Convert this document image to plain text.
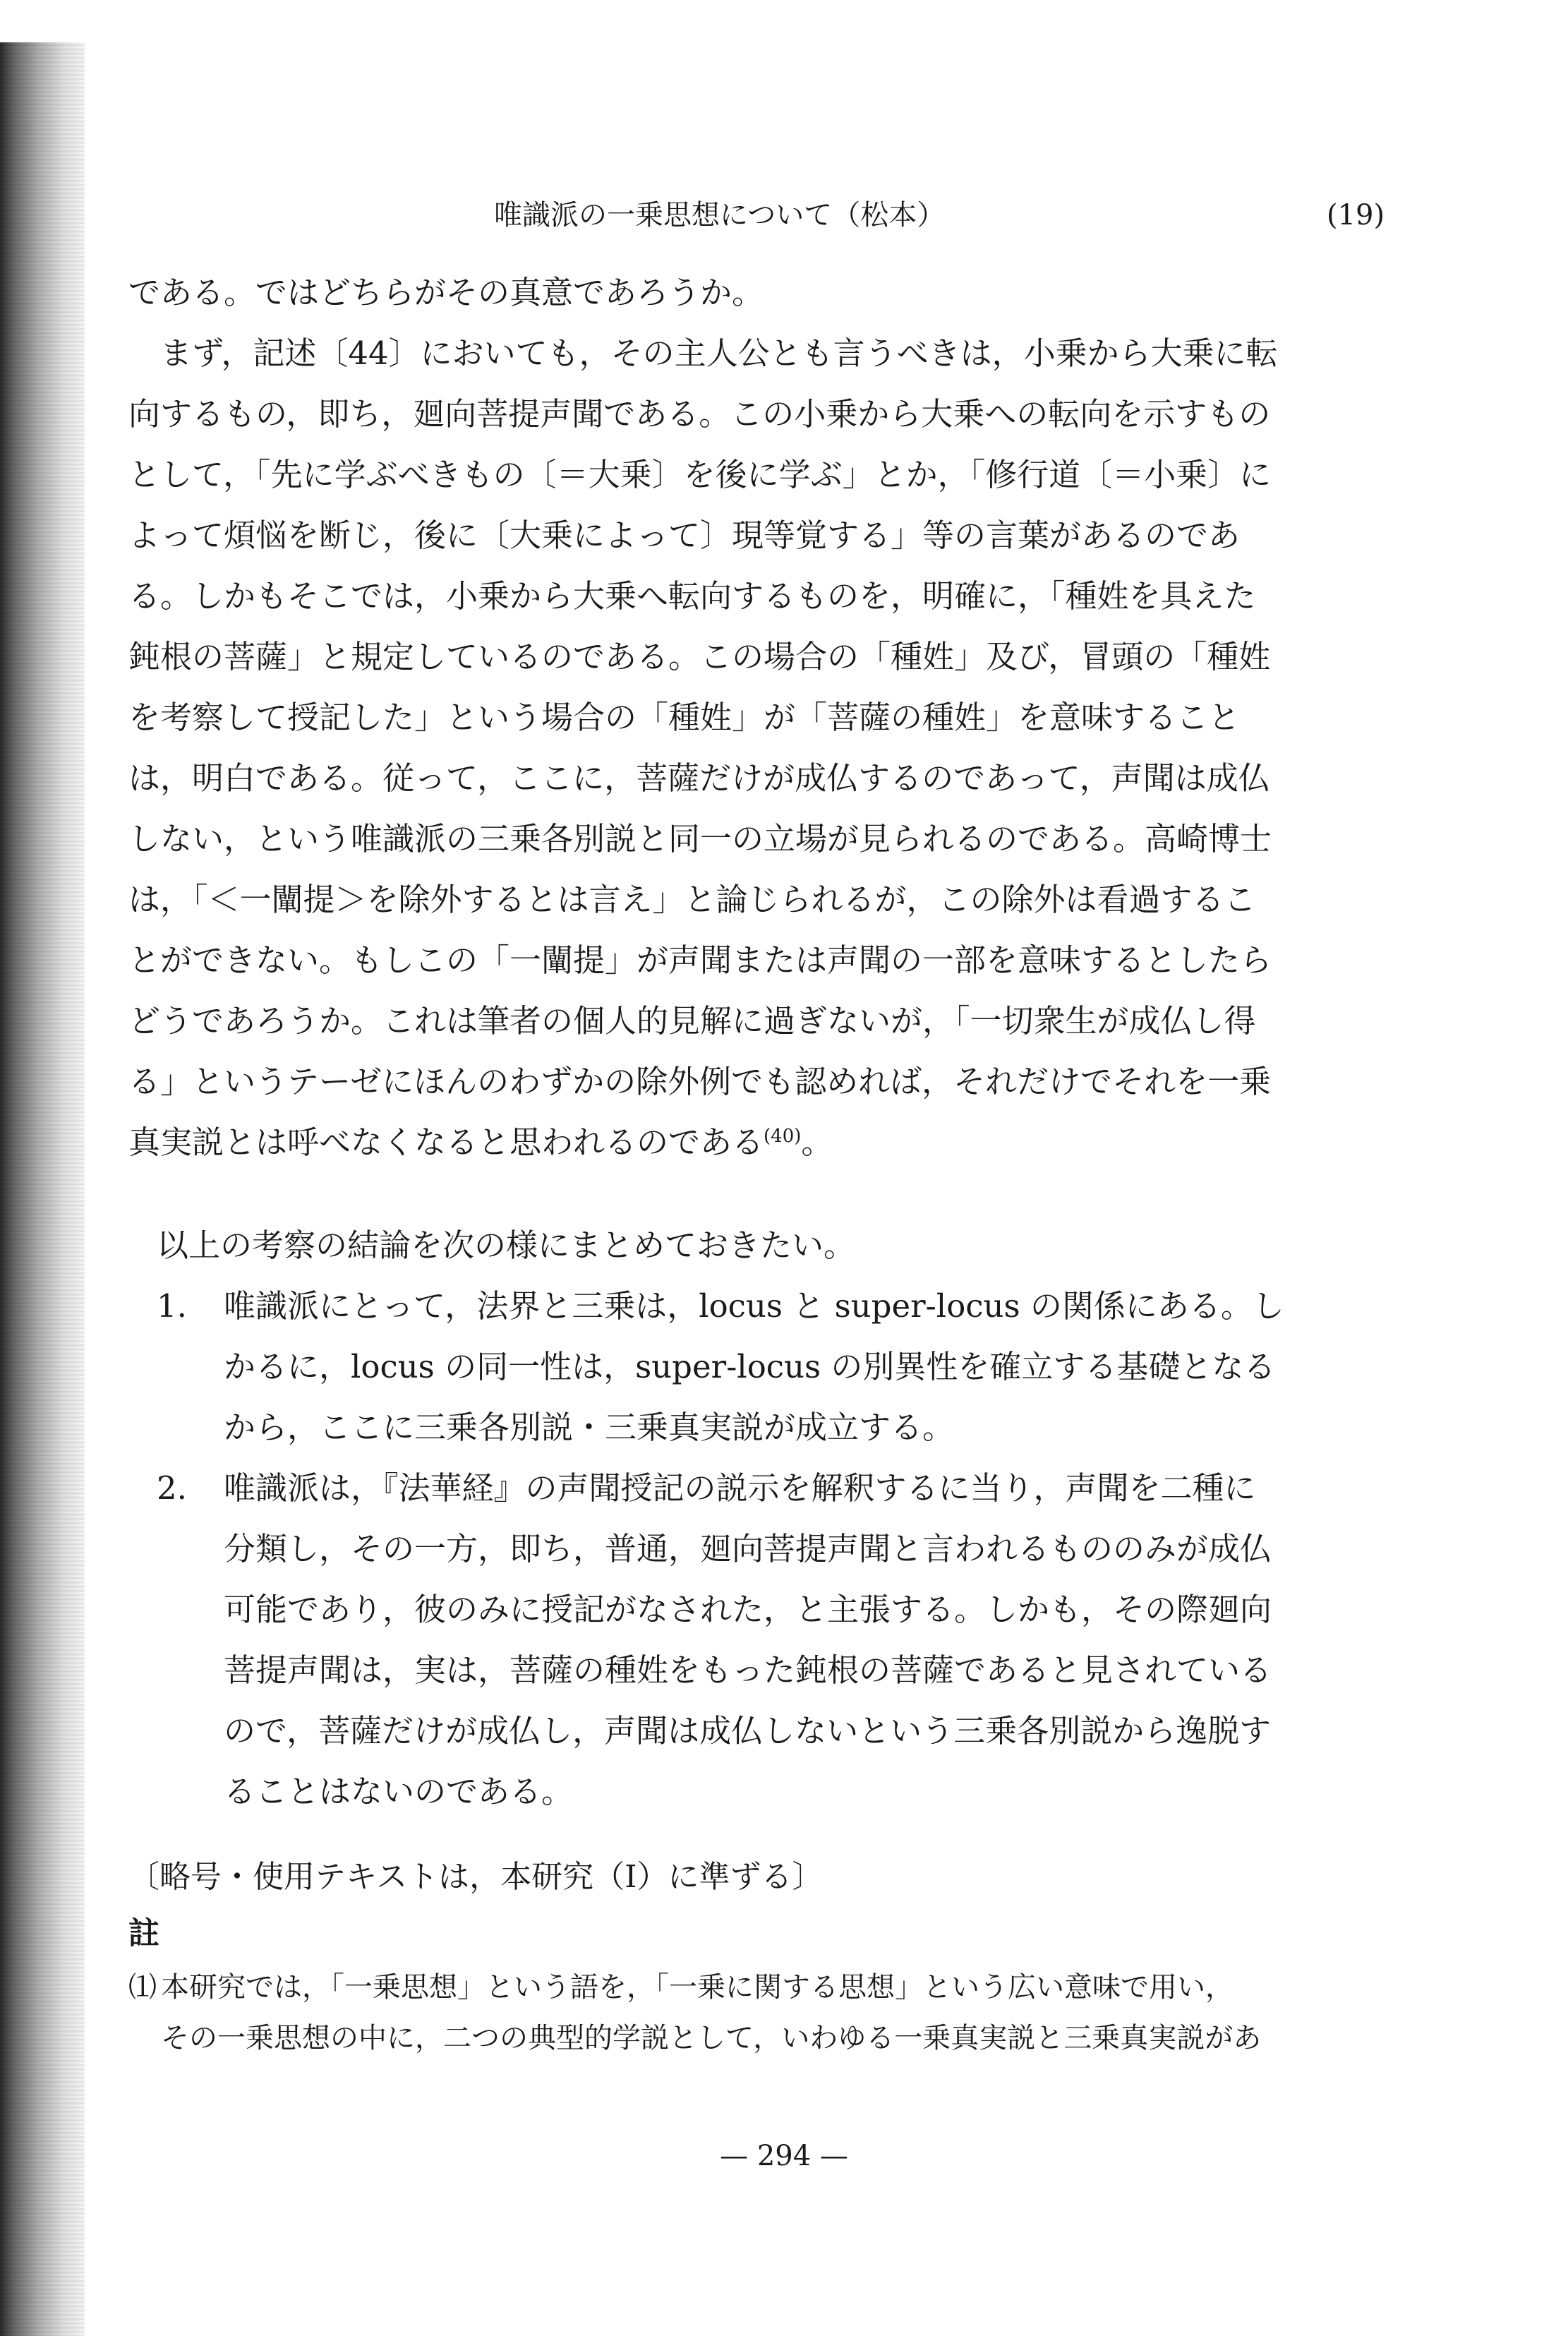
唯識派の一乗思想について（松本）	(19)

である。ではどちらがその真意であろうか。

　まず，記述〔44〕においても，その主人公とも言うべきは，小乗から大乗に転
向するもの，即ち，廻向菩提声聞である。この小乗から大乗への転向を示すもの
として，「先に学ぶべきもの〔＝大乗〕を後に学ぶ」とか，「修行道〔＝小乗〕に
よって煩悩を断じ，後に〔大乗によって〕現等覚する」等の言葉があるのであ
る。しかもそこでは，小乗から大乗へ転向するものを，明確に，「種姓を具えた
鈍根の菩薩」と規定しているのである。この場合の「種姓」及び，冒頭の「種姓
を考察して授記した」という場合の「種姓」が「菩薩の種姓」を意味すること
は，明白である。従って，ここに，菩薩だけが成仏するのであって，声聞は成仏
しない，という唯識派の三乗各別説と同一の立場が見られるのである。高崎博士
は，「＜一闡提＞を除外するとは言え」と論じられるが，この除外は看過するこ
とができない。もしこの「一闡提」が声聞または声聞の一部を意味するとしたら
どうであろうか。これは筆者の個人的見解に過ぎないが，「一切衆生が成仏し得
る」というテーゼにほんのわずかの除外例でも認めれば，それだけでそれを一乗
真実説とは呼べなくなると思われるのである$^{(40)}$。

以上の考察の結論を次の様にまとめておきたい。

1.	唯識派にとって，法界と三乗は，locus と super-locus の関係にある。し
かるに，locus の同一性は，super-locus の別異性を確立する基礎となる
から，ここに三乗各別説・三乗真実説が成立する。
2.	唯識派は，『法華経』の声聞授記の説示を解釈するに当り，声聞を二種に
分類し，その一方，即ち，普通，廻向菩提声聞と言われるもののみが成仏
可能であり，彼のみに授記がなされた，と主張する。しかも，その際廻向
菩提声聞は，実は，菩薩の種姓をもった鈍根の菩薩であると見されている
ので，菩薩だけが成仏し，声聞は成仏しないという三乗各別説から逸脱す
ることはないのである。

〔略号・使用テキストは，本研究（Ⅰ）に準ずる〕

註

⑴ 本研究では，「一乗思想」という語を，「一乗に関する思想」という広い意味で用い，
その一乗思想の中に，二つの典型的学説として，いわゆる一乗真実説と三乗真実説があ
— 294 —
